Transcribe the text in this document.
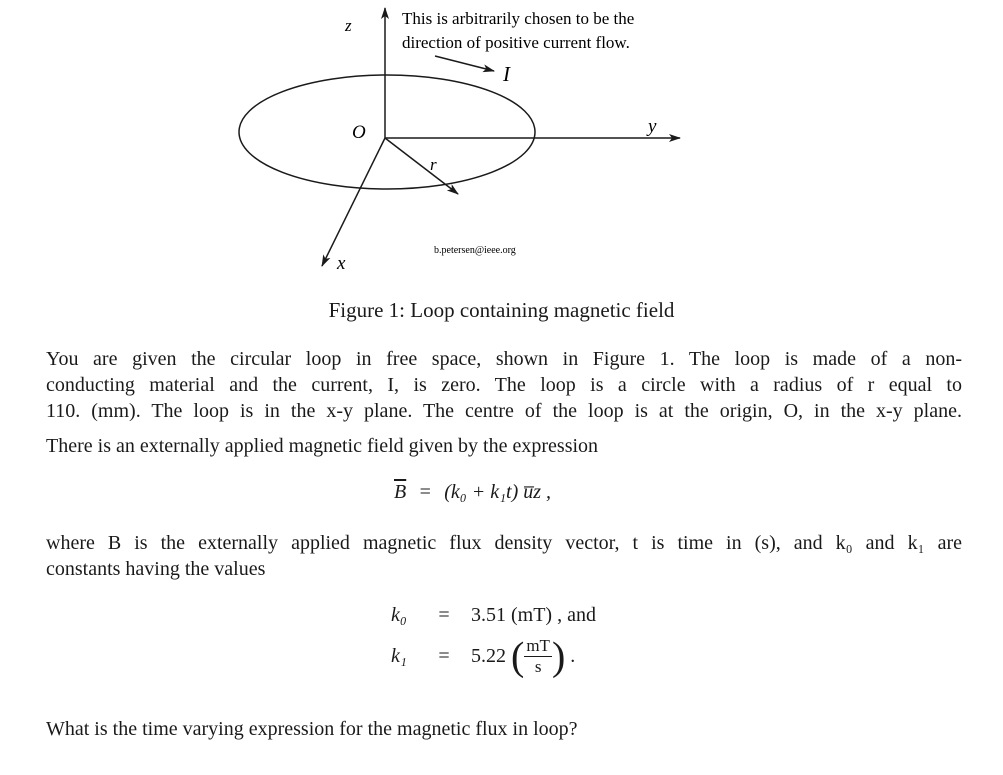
z
y
x
O
r
I
This is arbitrarily chosen to be the
direction of positive current flow.
b.petersen@ieee.org
Figure 1: Loop containing magnetic field
You are given the circular loop in free space, shown in Figure 1. The loop is made of a non-
conducting material and the current, I, is zero. The loop is a circle with a radius of r equal to
110. (mm). The loop is in the x-y plane. The centre of the loop is at the origin, O, in the x-y plane.
There is an externally applied magnetic field given by the expression
$\overline{B} = (k_0 + k_1t)$ u̅z ,
where B is the externally applied magnetic flux density vector, t is time in (s), and k₀ and k₁ are
constants having the values
k₀ = 3.51 (mT) , and
k₁ = 5.22 ( $\frac{mT}{s}$ ) .
What is the time varying expression for the magnetic flux in loop?
